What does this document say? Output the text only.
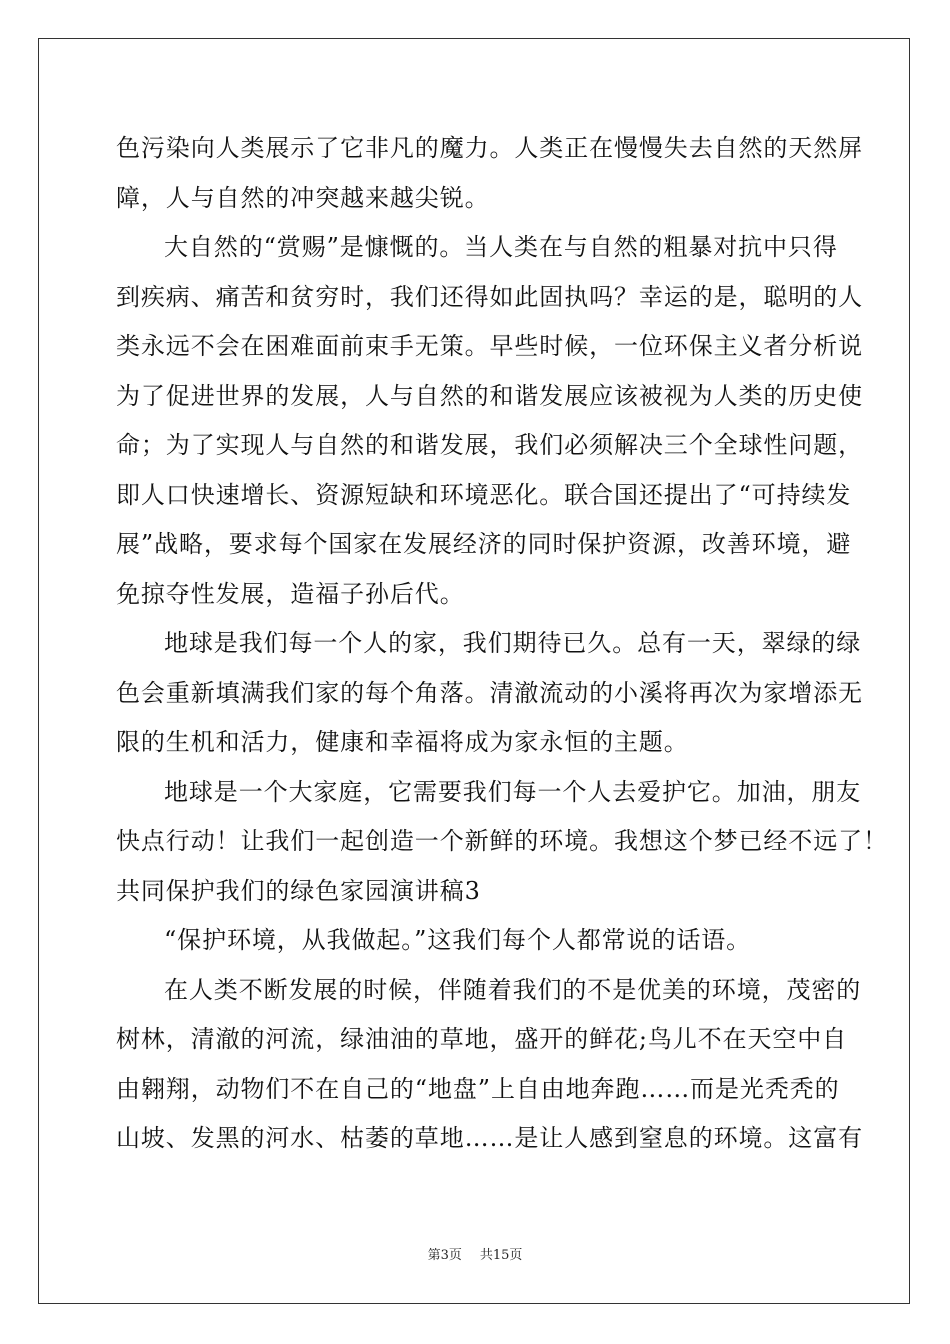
色污染向人类展示了它非凡的魔力。人类正在慢慢失去自然的天然屏
障，人与自然的冲突越来越尖锐。
大自然的“赏赐”是慷慨的。当人类在与自然的粗暴对抗中只得
到疾病、痛苦和贫穷时，我们还得如此固执吗？幸运的是，聪明的人
类永远不会在困难面前束手无策。早些时候，一位环保主义者分析说
为了促进世界的发展，人与自然的和谐发展应该被视为人类的历史使
命；为了实现人与自然的和谐发展，我们必须解决三个全球性问题，
即人口快速增长、资源短缺和环境恶化。联合国还提出了“可持续发
展”战略，要求每个国家在发展经济的同时保护资源，改善环境，避
免掠夺性发展，造福子孙后代。
地球是我们每一个人的家，我们期待已久。总有一天，翠绿的绿
色会重新填满我们家的每个角落。清澈流动的小溪将再次为家增添无
限的生机和活力，健康和幸福将成为家永恒的主题。
地球是一个大家庭，它需要我们每一个人去爱护它。加油，朋友
快点行动！让我们一起创造一个新鲜的环境。我想这个梦已经不远了！
共同保护我们的绿色家园演讲稿3
“保护环境，从我做起。”这我们每个人都常说的话语。
在人类不断发展的时候，伴随着我们的不是优美的环境，茂密的
树林，清澈的河流，绿油油的草地，盛开的鲜花;鸟儿不在天空中自
由翱翔，动物们不在自己的“地盘”上自由地奔跑……而是光秃秃的
山坡、发黑的河水、枯萎的草地……是让人感到窒息的环境。这富有
第3页 共15页
